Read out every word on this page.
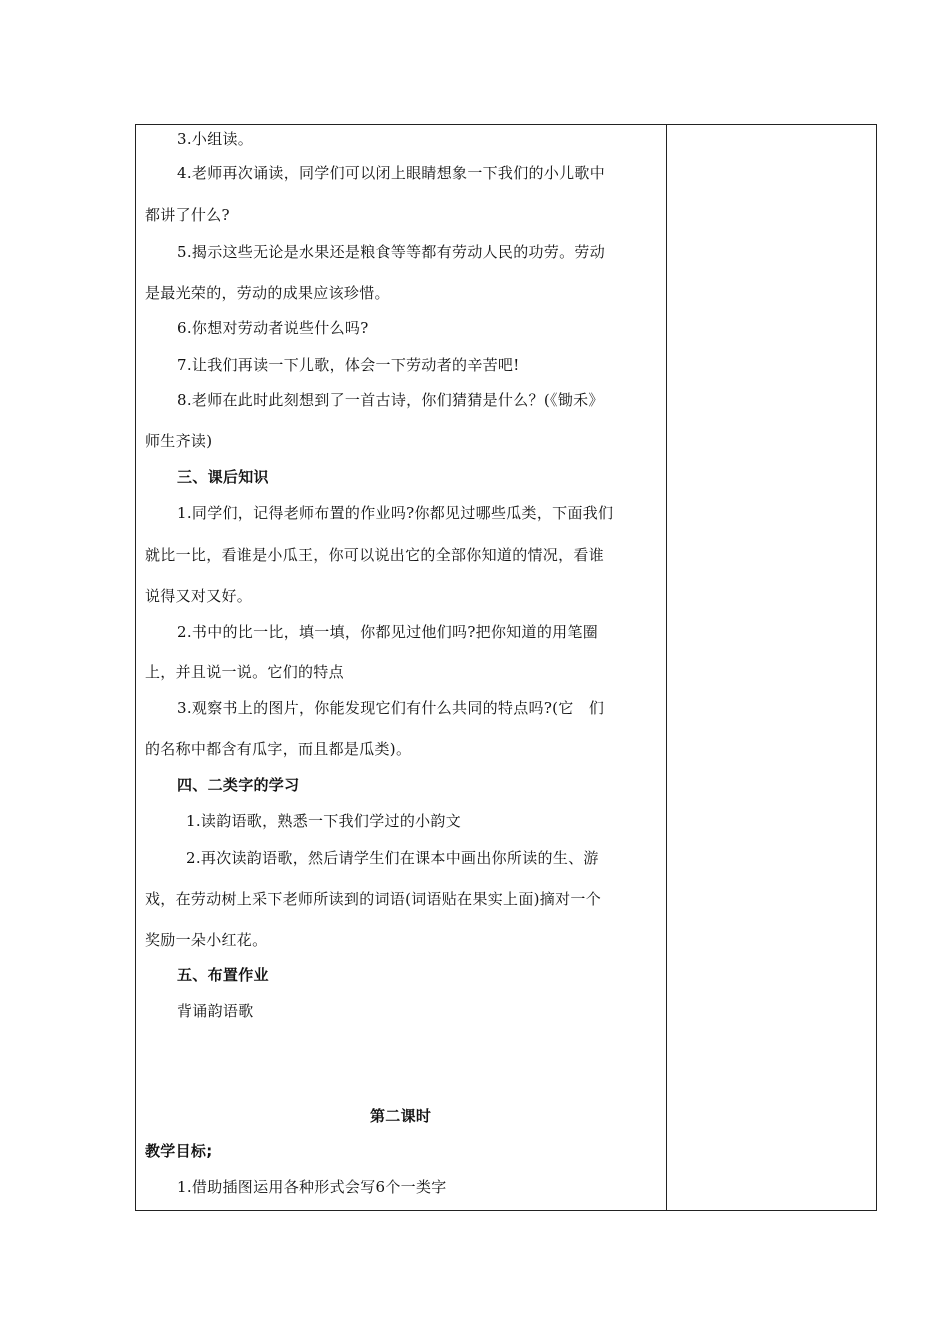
3.小组读。
4.老师再次诵读，同学们可以闭上眼睛想象一下我们的小儿歌中
都讲了什么?
5.揭示这些无论是水果还是粮食等等都有劳动人民的功劳。劳动
是最光荣的，劳动的成果应该珍惜。
6.你想对劳动者说些什么吗?
7.让我们再读一下儿歌，体会一下劳动者的辛苦吧!
8.老师在此时此刻想到了一首古诗，你们猜猜是什么？(《锄禾》
师生齐读)
三、课后知识
1.同学们，记得老师布置的作业吗?你都见过哪些瓜类，下面我们
就比一比，看谁是小瓜王，你可以说出它的全部你知道的情况，看谁
说得又对又好。
2.书中的比一比，填一填，你都见过他们吗?把你知道的用笔圈
上，并且说一说。它们的特点
3.观察书上的图片，你能发现它们有什么共同的特点吗?(它　们
的名称中都含有瓜字，而且都是瓜类)。
四、二类字的学习
1.读韵语歌，熟悉一下我们学过的小韵文
2.再次读韵语歌，然后请学生们在课本中画出你所读的生、游
戏，在劳动树上采下老师所读到的词语(词语贴在果实上面)摘对一个
奖励一朵小红花。
五、布置作业
背诵韵语歌
第二课时
教学目标;
1.借助插图运用各种形式会写6个一类字
